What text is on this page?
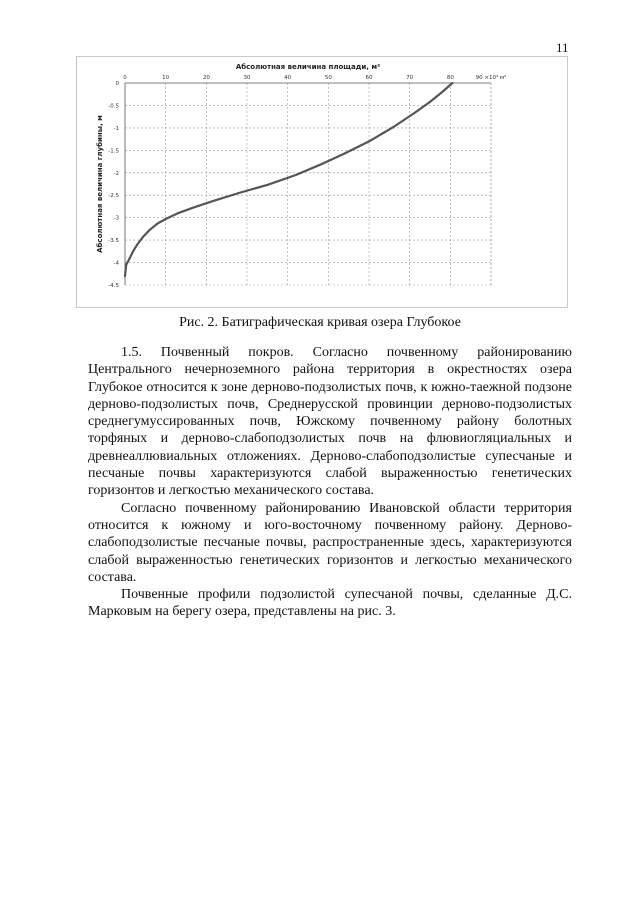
11
0	10	20	30	40	50	60	70	80	90 ×10³ м²
0
-0.5
-1
-1.5
-2
-2.5
-3
-3.5
-4
-4.5
Абсолютная величина площади, м²
Абсолютная величина глубины, м
Рис. 2. Батиграфическая кривая озера Глубокое

1.5. Почвенный покров. Согласно почвенному районированию Центрального нечерноземного района территория в окрестностях озера Глубокое относится к зоне дерново-подзолистых почв, к южно-таежной подзоне дерново-подзолистых почв, Среднерусской провинции дерново-подзолистых среднегумуссированных почв, Южскому почвенному району болотных торфяных и дерново-слабоподзолистых почв на флювиогляциальных и древнеаллювиальных отложениях. Дерново-слабоподзолистые супесчаные и песчаные почвы характеризуются слабой выраженностью генетических горизонтов и легкостью механического состава.

Согласно почвенному районированию Ивановской области территория относится к южному и юго-восточному почвенному району. Дерново-слабоподзолистые песчаные почвы, распространенные здесь, характеризуются слабой выраженностью генетических горизонтов и легкостью механического состава.

Почвенные профили подзолистой супесчаной почвы, сделанные Д.С. Марковым на берегу озера, представлены на рис. 3.
